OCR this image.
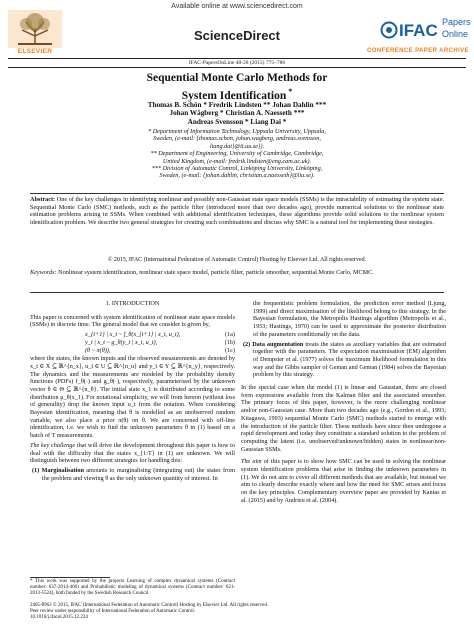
Available online at www.sciencedirect.com
ELSEVIER
ScienceDirect	IFAC Papers
Online
CONFERENCE PAPER ARCHIVE
IFAC-PapersOnLine 48-28 (2015) 775–786
Sequential Monte Carlo Methods for
System Identification *
Thomas B. Schön * Fredrik Lindsten ** Johan Dahlin ***
Johan Wågberg * Christian A. Naesseth ***
Andreas Svensson * Liang Dai *
* Department of Information Technology, Uppsala University, Uppsala,
Sweden, (e-mail: {thomas.schon, johan.wagberg, andreas.svensson,
liang.dai}@it.uu.se}).
** Department of Engineering, University of Cambridge, Cambridge,
United Kingdom, (e-mail: fredrik.lindsten@eng.cam.ac.uk).
*** Division of Automatic Control, Linköping University, Linköping,
Sweden, (e-mail: {johan.dahlin, christian.a.naesseth}@liu.se).
Abstract: One of the key challenges in identifying nonlinear and possibly non-Gaussian state space models (SSMs) is the intractability of estimating the system state. Sequential Monte Carlo (SMC) methods, such as the particle filter (introduced more than two decades ago), provide numerical solutions to the nonlinear state estimation problems arising in SSMs. When combined with additional identification techniques, these algorithms provide solid solutions to the nonlinear system identification problem. We describe two general strategies for creating such combinations and discuss why SMC is a natural tool for implementing these strategies.
© 2015, IFAC (International Federation of Automatic Control) Hosting by Elsevier Ltd. All rights reserved.
Keywords: Nonlinear system identification, nonlinear state space model, particle filter, particle smoother, sequential Monte Carlo, MCMC.
1. INTRODUCTION

This paper is concerned with system identification of nonlinear state space models (SSMs) in discrete time. The general model that we consider is given by,

x_{t+1} | x_t ~ f_θ(x_{t+1} | x_t, u_t),	(1a)
y_t | x_t ~ g_θ(y_t | x_t, u_t),	(1b)
(θ ~ π(θ)),	(1c)

where the states, the known inputs and the observed measurements are denoted by x_t ∈ X ⊆ ℝ^{n_x}, u_t ∈ U ⊆ ℝ^{n_u} and y_t ∈ Y ⊆ ℝ^{n_y}, respectively. The dynamics and the measurements are modeled by the probability density functions (PDFs) f_θ(·) and g_θ(·), respectively, parameterised by the unknown vector θ ∈ Θ ⊆ ℝ^{n_θ}. The initial state x_1 is distributed according to some distribution μ_θ(x_1). For notational simplicity, we will from hereon (without loss of generality) drop the known input u_t from the notation. When considering Bayesian identification, meaning that θ is modelled as an unobserved random variable, we also place a prior π(θ) on θ. We are concerned with off-line identification, i.e. we wish to find the unknown parameters θ in (1) based on a batch of T measurements.

The key challenge that will drive the development throughout this paper is how to deal with the difficulty that the states x_{1:T} in (1) are unknown. We will distinguish between two different strategies for handling this:

(1) Marginalisation amounts to marginalising (integrating out) the states from the problem and viewing θ as the only unknown quantity of interest. In
* This work was supported by the projects Learning of complex dynamical systems (Contract number: 637-2014-466) and Probabilistic modeling of dynamical systems (Contract number: 621-2013-5524), both funded by the Swedish Research Council.

the frequentistic problem formulation, the prediction error method (Ljung, 1999) and direct maximisation of the likelihood belong to this strategy. In the Bayesian formulation, the Metropolis Hastings algorithm (Metropolis et al., 1953; Hastings, 1970) can be used to approximate the posterior distribution of the parameters conditionally on the data.

(2) Data augmentation treats the states as auxiliary variables that are estimated together with the parameters. The expectation maximisation (EM) algorithm of Dempster et al. (1977) solves the maximum likelihood formulation in this way and the Gibbs sampler of Geman and Geman (1984) solves the Bayesian problem by this strategy.

In the special case when the model (1) is linear and Gaussian, there are closed form expressions available from the Kalman filter and the associated smoother. The primary focus of this paper, however, is the more challenging nonlinear and/or non-Gaussian case. More than two decades ago (e.g., Gordon et al., 1993; Kitagawa, 1993) sequential Monte Carlo (SMC) methods started to emerge with the introduction of the particle filter. These methods have since then undergone a rapid development and today they constitute a standard solution to the problem of computing the latent (i.e. unobserved/unknown/hidden) states in nonlinear/non-Gaussian SSMs.

The aim of this paper is to show how SMC can be used in solving the nonlinear system identification problems that arise in finding the unknown parameters in (1). We do not aim to cover all different methods that are available, but instead we aim to clearly describe exactly where and how the need for SMC arises and focus on the key principles. Complementary overview paper are provided by Kantas et al. (2015) and by Andrieu et al. (2004).

2405-8963 © 2015, IFAC (International Federation of Automatic Control) Hosting by Elsevier Ltd. All rights reserved.
Peer review under responsibility of International Federation of Automatic Control.
10.1016/j.ifacol.2015.12.224
